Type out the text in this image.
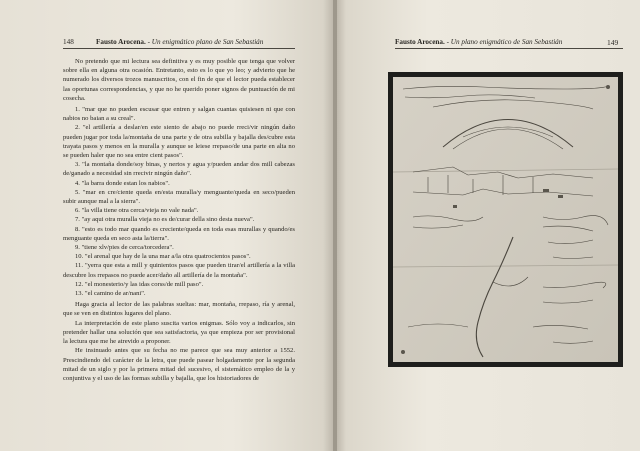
148	Fausto Arocena. - Un enigmático plano de San Sebastián

No pretendo que mi lectura sea definitiva y es muy posible que tenga que volver sobre ella en alguna otra ocasión. Entretanto, esto es lo que yo leo; y advierto que he numerado los diversos trozos manuscritos, con el fin de que el lector pueda establecer las oportunas correspondencias, y que no he querido poner signos de puntuación de mi cosecha.

1. "mar que no pueden escusar que entren y salgan cuantas quisiesen ni que con nabios no baian a su creal".

2. "el artillería a deslar/en este siento de abajo no puede rreci/vir ningún daño pueden jugar por toda la/montaña de una parte y de otra subilla y bajalla des/cubre esta trayata pasos y menos en la muralla y aunque se leiese rrepaso/de una parte en alta no se pueden haler que no sea entre cient pasos".

3. "la montaña donde/soy binas, y nertos y agua y/pueden andar dos mill cabezas de/ganado a necesidad sin rrecivir ningún daño".

4. "la barra donde estan los nabios".

5. "mar en cre/ciente queda en/esta muralla/y menguante/queda en seco/pueden subir aunque mal a la sierra".

6. "la villa tiene otra cerca/vieja no vale nada".

7. "ay aqui otra muralla vieja no es de/curar della sino desta nueva".

8. "esto es todo mar quando es creciente/queda en toda esas murallas y quando/es menguante queda en seco asta la/tierra".

9. "tiene xlv/pies de cerca/torcedera".

10. "el arenal que hay de la una mar a/la otra quatrocientos pasos".

11. "yerra que esta a mill y quinientos pasos que pueden tirar/el artillería a la villa descubre los rrepasos no puede acer/daño all artillería de la montaña".

12. "el monesterio/y las idas corss/de mill paso".

13. "el camino de ar/nani".

Haga gracia al lector de las palabras sueltas: mar, montaña, rrepaso, ría y arenal, que se ven en distintos lugares del plano.

La interpretación de este plano suscita varios enigmas. Sólo voy a indicarlos, sin pretender hallar una solución que sea satisfactoria, ya que empieza por ser provisional la lectura que me he atrevido a proponer.

He insinuado antes que su fecha no me parece que sea muy anterior a 1552. Prescindiendo del carácter de la letra, que puede pasear holgadamente por la segunda mitad de un siglo y por la primera mitad del sucesivo, el sistemático empleo de la y conjuntiva y el uso de las formas subilla y bajalla, que los historiadores de

Fausto Arocena. - Un plano enigmático de San Sebastián	149
